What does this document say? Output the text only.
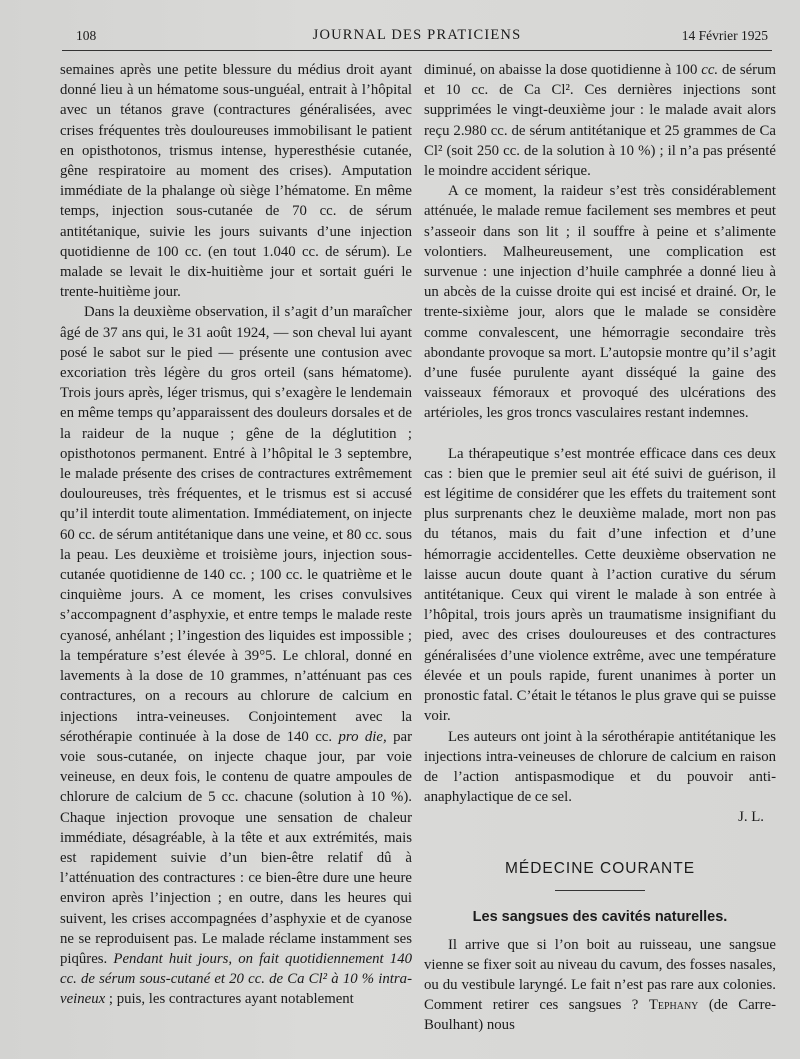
108	JOURNAL DES PRATICIENS	14 Février 1925

semaines après une petite blessure du médius droit ayant donné lieu à un hématome sous-unguéal, entrait à l’hôpital avec un tétanos grave (contractures généralisées, avec crises fréquentes très douloureuses immobilisant le patient en opisthotonos, trismus intense, hyperesthésie cutanée, gêne respiratoire au moment des crises). Amputation immédiate de la phalange où siège l’hématome. En même temps, injection sous-cutanée de 70 cc. de sérum antitétanique, suivie les jours suivants d’une injection quotidienne de 100 cc. (en tout 1.040 cc. de sérum). Le malade se levait le dix-huitième jour et sortait guéri le trente-huitième jour.

Dans la deuxième observation, il s’agit d’un maraîcher âgé de 37 ans qui, le 31 août 1924, — son cheval lui ayant posé le sabot sur le pied — présente une contusion avec excoriation très légère du gros orteil (sans hématome). Trois jours après, léger trismus, qui s’exagère le lendemain en même temps qu’apparaissent des douleurs dorsales et de la raideur de la nuque ; gêne de la déglutition ; opisthotonos permanent. Entré à l’hôpital le 3 septembre, le malade présente des crises de contractures extrêmement douloureuses, très fréquentes, et le trismus est si accusé qu’il interdit toute alimentation. Immédiatement, on injecte 60 cc. de sérum antitétanique dans une veine, et 80 cc. sous la peau. Les deuxième et troisième jours, injection sous-cutanée quotidienne de 140 cc. ; 100 cc. le quatrième et le cinquième jours. A ce moment, les crises convulsives s’accompagnent d’asphyxie, et entre temps le malade reste cyanosé, anhélant ; l’ingestion des liquides est impossible ; la température s’est élevée à 39°5. Le chloral, donné en lavements à la dose de 10 grammes, n’atténuant pas ces contractures, on a recours au chlorure de calcium en injections intra-veineuses. Conjointement avec la sérothérapie continuée à la dose de 140 cc. pro die, par voie sous-cutanée, on injecte chaque jour, par voie veineuse, en deux fois, le contenu de quatre ampoules de chlorure de calcium de 5 cc. chacune (solution à 10 %). Chaque injection provoque une sensation de chaleur immédiate, désagréable, à la tête et aux extrémités, mais est rapidement suivie d’un bien-être relatif dû à l’atténuation des contractures : ce bien-être dure une heure environ après l’injection ; en outre, dans les heures qui suivent, les crises accompagnées d’asphyxie et de cyanose ne se reproduisent pas. Le malade réclame instamment ses piqûres. Pendant huit jours, on fait quotidiennement 140 cc. de sérum sous-cutané et 20 cc. de Ca Cl² à 10 % intra-veineux ; puis, les contractures ayant notablement

diminué, on abaisse la dose quotidienne à 100 cc. de sérum et 10 cc. de Ca Cl². Ces dernières injections sont supprimées le vingt-deuxième jour : le malade avait alors reçu 2.980 cc. de sérum antitétanique et 25 grammes de Ca Cl² (soit 250 cc. de la solution à 10 %) ; il n’a pas présenté le moindre accident sérique.

A ce moment, la raideur s’est très considérablement atténuée, le malade remue facilement ses membres et peut s’asseoir dans son lit ; il souffre à peine et s’alimente volontiers. Malheureusement, une complication est survenue : une injection d’huile camphrée a donné lieu à un abcès de la cuisse droite qui est incisé et drainé. Or, le trente-sixième jour, alors que le malade se considère comme convalescent, une hémorragie secondaire très abondante provoque sa mort. L’autopsie montre qu’il s’agit d’une fusée purulente ayant disséqué la gaine des vaisseaux fémoraux et provoqué des ulcérations des artérioles, les gros troncs vasculaires restant indemnes.

La thérapeutique s’est montrée efficace dans ces deux cas : bien que le premier seul ait été suivi de guérison, il est légitime de considérer que les effets du traitement sont plus surprenants chez le deuxième malade, mort non pas du tétanos, mais du fait d’une infection et d’une hémorragie accidentelles. Cette deuxième observation ne laisse aucun doute quant à l’action curative du sérum antitétanique. Ceux qui virent le malade à son entrée à l’hôpital, trois jours après un traumatisme insignifiant du pied, avec des crises douloureuses et des contractures généralisées d’une violence extrême, avec une température élevée et un pouls rapide, furent unanimes à porter un pronostic fatal. C’était le tétanos le plus grave qui se puisse voir.

Les auteurs ont joint à la sérothérapie antitétanique les injections intra-veineuses de chlorure de calcium en raison de l’action antispasmodique et du pouvoir anti-anaphylactique de ce sel.

J. L.
MÉDECINE COURANTE
Les sangsues des cavités naturelles.

Il arrive que si l’on boit au ruisseau, une sangsue vienne se fixer soit au niveau du cavum, des fosses nasales, ou du vestibule laryngé. Le fait n’est pas rare aux colonies. Comment retirer ces sangsues ? Tephany (de Carre-Boulhant) nous
